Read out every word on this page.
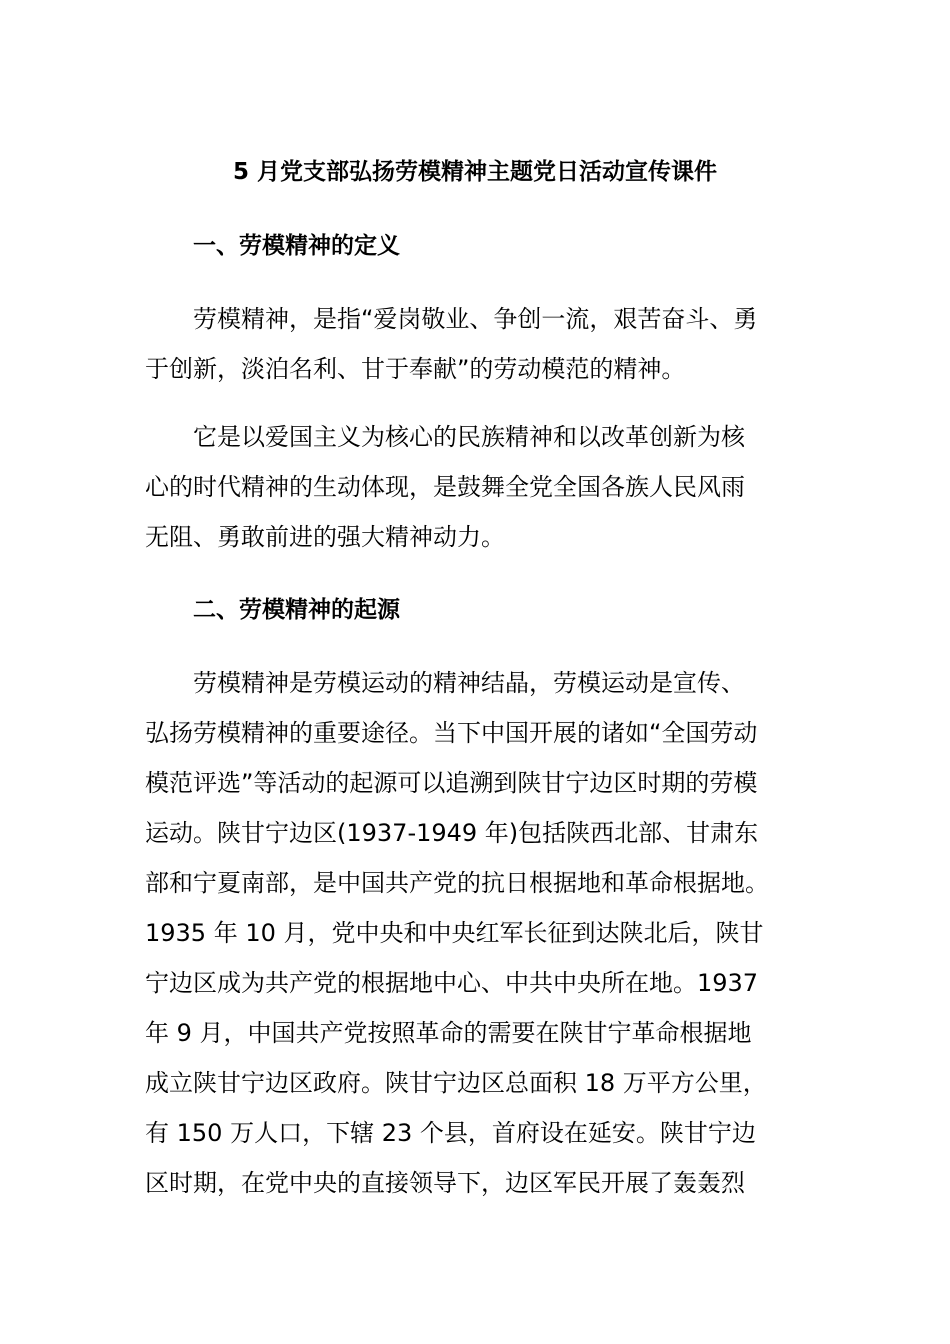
5 月党支部弘扬劳模精神主题党日活动宣传课件
一、劳模精神的定义
劳模精神，是指“爱岗敬业、争创一流，艰苦奋斗、勇
于创新，淡泊名利、甘于奉献”的劳动模范的精神。
它是以爱国主义为核心的民族精神和以改革创新为核
心的时代精神的生动体现，是鼓舞全党全国各族人民风雨
无阻、勇敢前进的强大精神动力。
二、劳模精神的起源
劳模精神是劳模运动的精神结晶，劳模运动是宣传、
弘扬劳模精神的重要途径。当下中国开展的诸如“全国劳动
模范评选”等活动的起源可以追溯到陕甘宁边区时期的劳模
运动。陕甘宁边区(1937-1949 年)包括陕西北部、甘肃东
部和宁夏南部，是中国共产党的抗日根据地和革命根据地。
1935 年 10 月，党中央和中央红军长征到达陕北后，陕甘
宁边区成为共产党的根据地中心、中共中央所在地。1937
年 9 月，中国共产党按照革命的需要在陕甘宁革命根据地
成立陕甘宁边区政府。陕甘宁边区总面积 18 万平方公里，
有 150 万人口，下辖 23 个县，首府设在延安。陕甘宁边
区时期，在党中央的直接领导下，边区军民开展了轰轰烈
